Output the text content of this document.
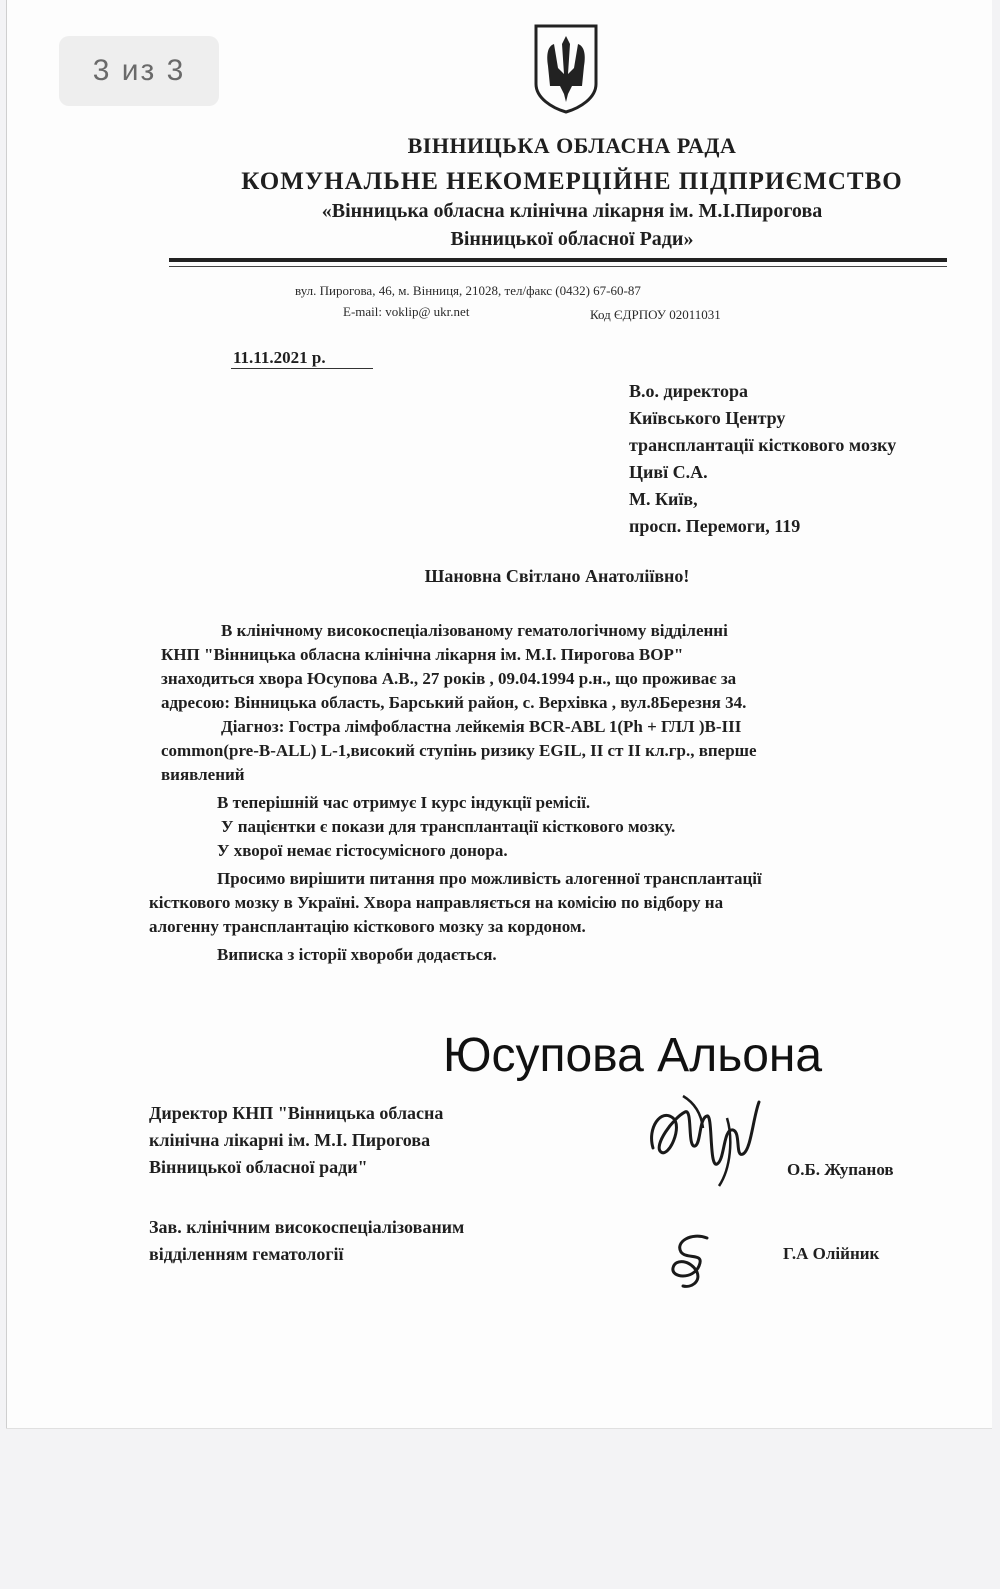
3 из 3
ВІННИЦЬКА ОБЛАСНА РАДА
КОМУНАЛЬНЕ НЕКОМЕРЦІЙНЕ ПІДПРИЄМСТВО
«Вінницька обласна клінічна лікарня ім. М.І.Пирогова
Вінницької обласної Ради»
вул. Пирогова, 46, м. Вінниця, 21028, тел/факс (0432) 67-60-87
E-mail: voklip@ ukr.net	Код ЄДРПОУ 02011031
11.11.2021 р.
В.о. директора
Київського Центру
трансплантації кісткового мозку
Цивї С.А.
М. Київ,
просп. Перемоги, 119
Шановна Світлано Анатоліївно!
В клінічному високоспеціалізованому гематологічному відділенні
КНП "Вінницька обласна клінічна лікарня ім. М.І. Пирогова ВОР"
знаходиться хвора Юсупова А.В., 27 років , 09.04.1994 р.н., що проживає за
адресою: Вінницька область, Барський район, с. Верхівка , вул.8Березня 34.
Діагноз: Гостра лімфобластна лейкемія BCR-ABL 1(Ph + ГЛЛ )B-III
common(pre-B-ALL) L-1,високий ступінь ризику EGIL, II ст II кл.гр., вперше
виявлений
В теперішній час отримує I курс індукції ремісії.
У пацієнтки є покази для трансплантації кісткового мозку.
У хворої немає гістосумісного донора.
Просимо вирішити питання про можливість алогенної трансплантації
кісткового мозку в Україні. Хвора направляється на комісію по відбору на
алогенну трансплантацію кісткового мозку за кордоном.
Виписка з історії хвороби додається.
Юсупова Альона
Директор КНП "Вінницька обласна
клінічна лікарні ім. М.І. Пирогова
Вінницької обласної ради"	О.Б. Жупанов
Зав. клінічним високоспеціалізованим
відділенням гематології	Г.А Олійник
